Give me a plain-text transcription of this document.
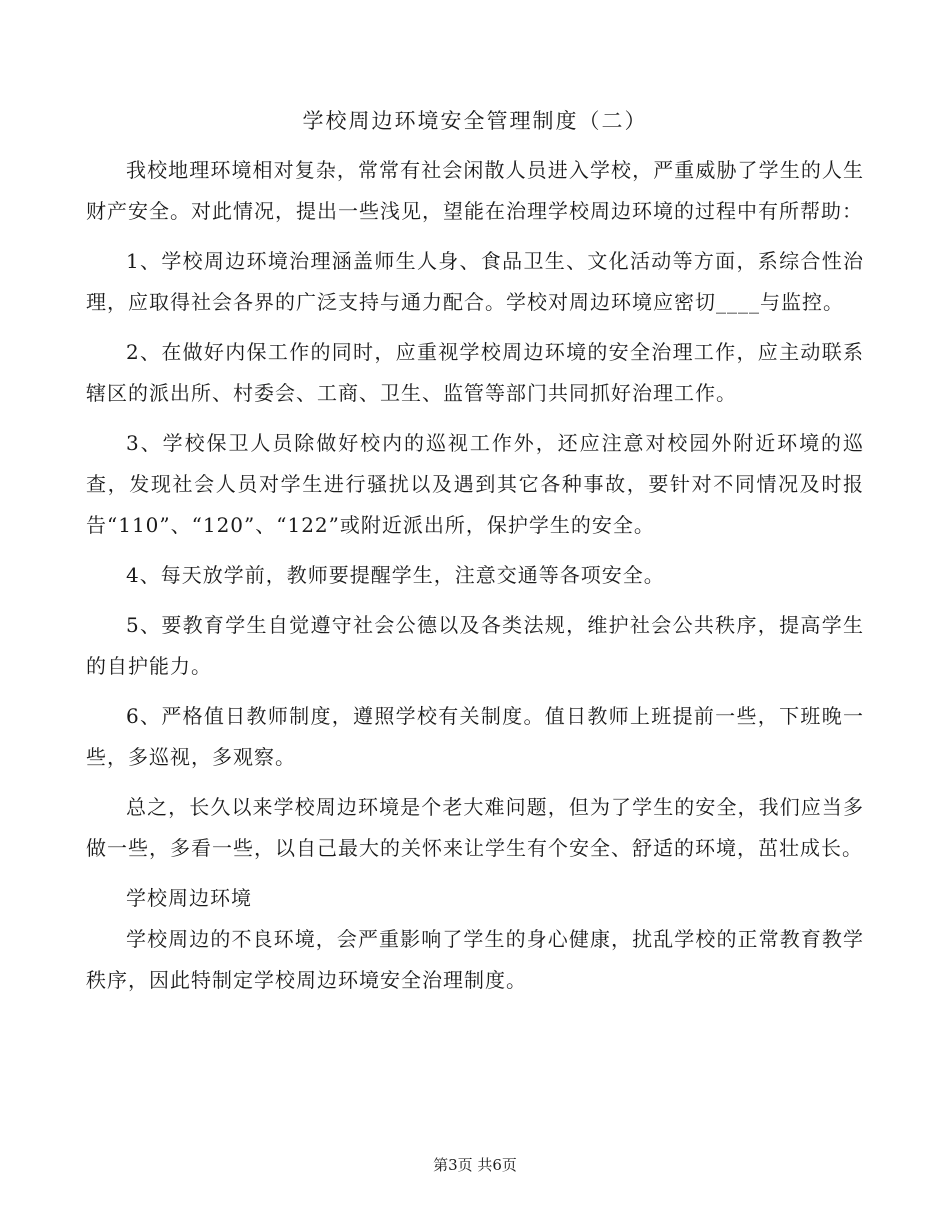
学校周边环境安全管理制度（二）

我校地理环境相对复杂，常常有社会闲散人员进入学校，严重威胁了学生的人生财产安全。对此情况，提出一些浅见，望能在治理学校周边环境的过程中有所帮助：

1、学校周边环境治理涵盖师生人身、食品卫生、文化活动等方面，系综合性治理，应取得社会各界的广泛支持与通力配合。学校对周边环境应密切____与监控。

2、在做好内保工作的同时，应重视学校周边环境的安全治理工作，应主动联系辖区的派出所、村委会、工商、卫生、监管等部门共同抓好治理工作。

3、学校保卫人员除做好校内的巡视工作外，还应注意对校园外附近环境的巡查，发现社会人员对学生进行骚扰以及遇到其它各种事故，要针对不同情况及时报告“110”、“120”、“122”或附近派出所，保护学生的安全。

4、每天放学前，教师要提醒学生，注意交通等各项安全。

5、要教育学生自觉遵守社会公德以及各类法规，维护社会公共秩序，提高学生的自护能力。

6、严格值日教师制度，遵照学校有关制度。值日教师上班提前一些，下班晚一些，多巡视，多观察。

总之，长久以来学校周边环境是个老大难问题，但为了学生的安全，我们应当多做一些，多看一些，以自己最大的关怀来让学生有个安全、舒适的环境，茁壮成长。

学校周边环境

学校周边的不良环境，会严重影响了学生的身心健康，扰乱学校的正常教育教学秩序，因此特制定学校周边环境安全治理制度。

第3页 共6页
